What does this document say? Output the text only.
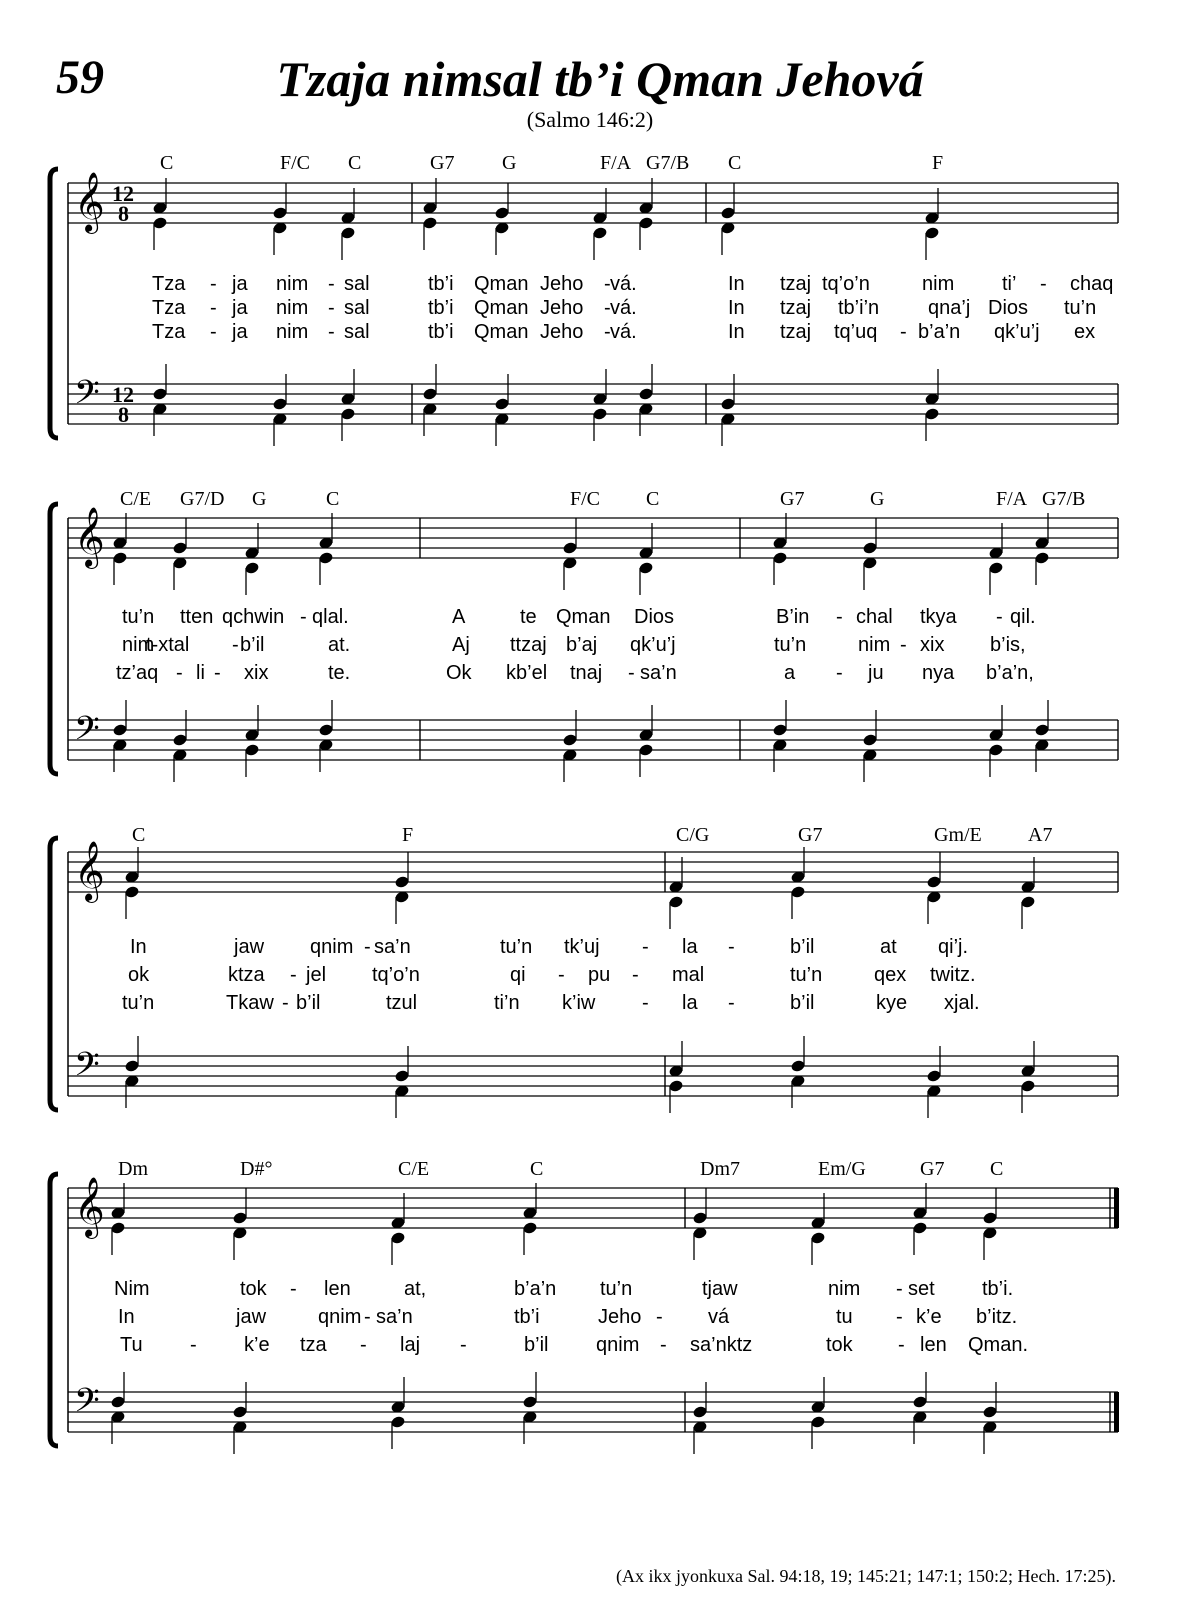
59	Tzaja nimsal tb’i Qman Jehová
(Salmo 146:2)
𝄞 12
8
𝄢 12
8
𝄞
𝄢
𝄞
𝄢
𝄞
𝄢
(Ax ikx jyonkuxa Sal. 94:18, 19; 145:21; 147:1; 150:2; Hech. 17:25).
C	F/C C	G7 G	F/A G7/B C	F
Tza - ja nim - sal	tb’i Qman Jeho - vá.	In tzaj tq’o’n	nim ti’ - chaq
Tza - ja nim - sal	tb’i Qman Jeho - vá.	In tzaj tb’i’n qna’j Dios tu’n
Tza - ja nim - sal	tb’i Qman Jeho - vá.	In tzaj tq’uq - b’a’n qk’u’j ex
C/E G7/D G	C	F/C C	G7	G	F/A G7/B
tu’n tten qchwin - qlal.	A	te Qman Dios	B’in - chal tkya - qil.
nim
t-xtal - b’il	at.	Aj ttzaj b’aj qk’u’j	tu’n	nim - xix b’is,
tz’aq - li - xix	te.	Ok kb’el tnaj - sa’n	a - ju nya b’a’n,
C	F	C/G	G7	Gm/E A7
In	jaw qnim - sa’n	tu’n tk’uj - la -	b’il	at qi’j.
ok	ktza - jel tq’o’n	qi - pu - mal	tu’n	qex twitz.
tu’n	Tkaw - b’il	tzul	ti’n k’iw - la -	b’il	kye xjal.
Dm	D#°	C/E	C	Dm7	Em/G	G7 C
Nim	tok - len	at,	b’a’n tu’n	tjaw	nim - set tb’i.
In	jaw	qnim - sa’n	tb’i	Jeho - vá	tu - k’e b’itz.
Tu - k’e tza - laj -	b’il qnim - sa’nktz	tok - len Qman.
